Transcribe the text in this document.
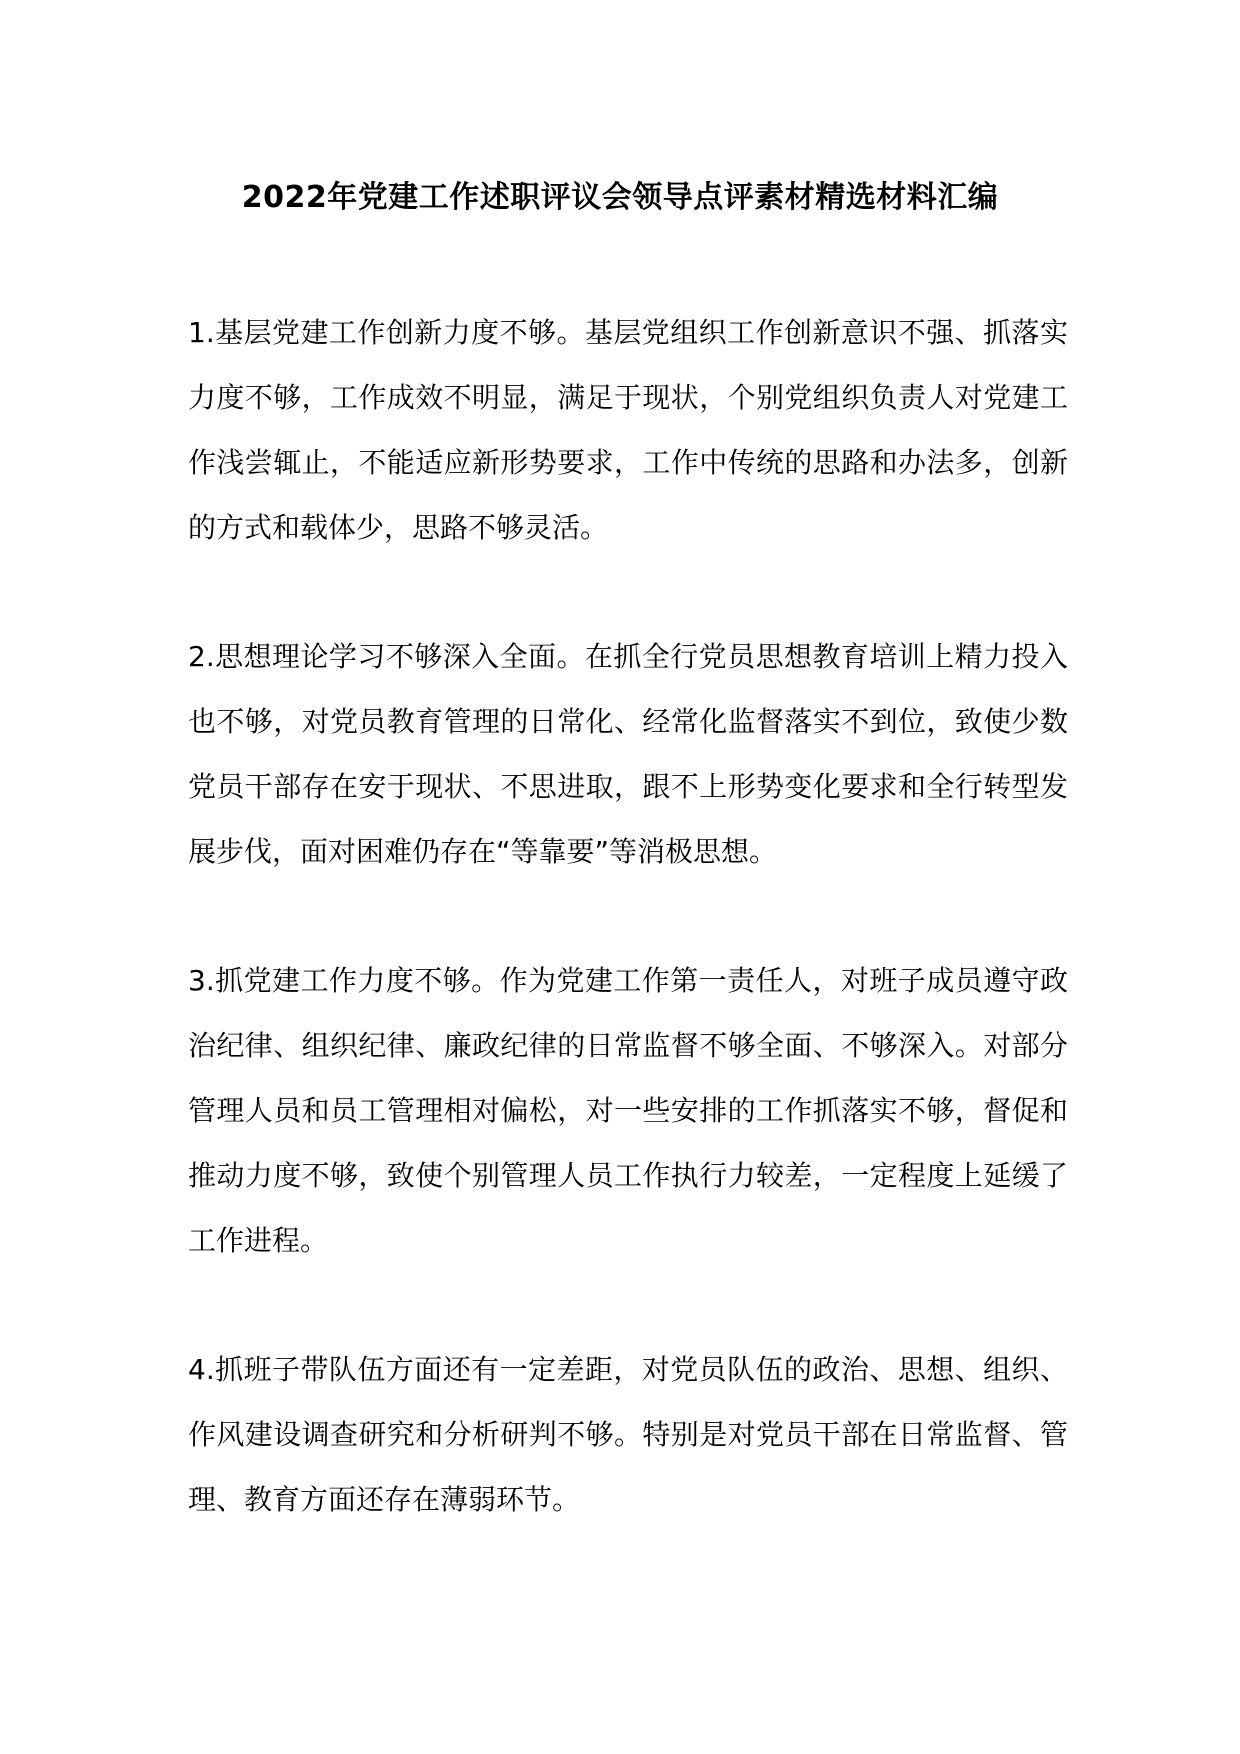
2022年党建工作述职评议会领导点评素材精选材料汇编

1.基层党建工作创新力度不够。基层党组织工作创新意识不强、抓落实力度不够，工作成效不明显，满足于现状，个别党组织负责人对党建工作浅尝辄止，不能适应新形势要求，工作中传统的思路和办法多，创新的方式和载体少，思路不够灵活。

2.思想理论学习不够深入全面。在抓全行党员思想教育培训上精力投入也不够，对党员教育管理的日常化、经常化监督落实不到位，致使少数党员干部存在安于现状、不思进取，跟不上形势变化要求和全行转型发展步伐，面对困难仍存在“等靠要”等消极思想。

3.抓党建工作力度不够。作为党建工作第一责任人，对班子成员遵守政治纪律、组织纪律、廉政纪律的日常监督不够全面、不够深入。对部分管理人员和员工管理相对偏松，对一些安排的工作抓落实不够，督促和推动力度不够，致使个别管理人员工作执行力较差，一定程度上延缓了工作进程。

4.抓班子带队伍方面还有一定差距，对党员队伍的政治、思想、组织、作风建设调查研究和分析研判不够。特别是对党员干部在日常监督、管理、教育方面还存在薄弱环节。
